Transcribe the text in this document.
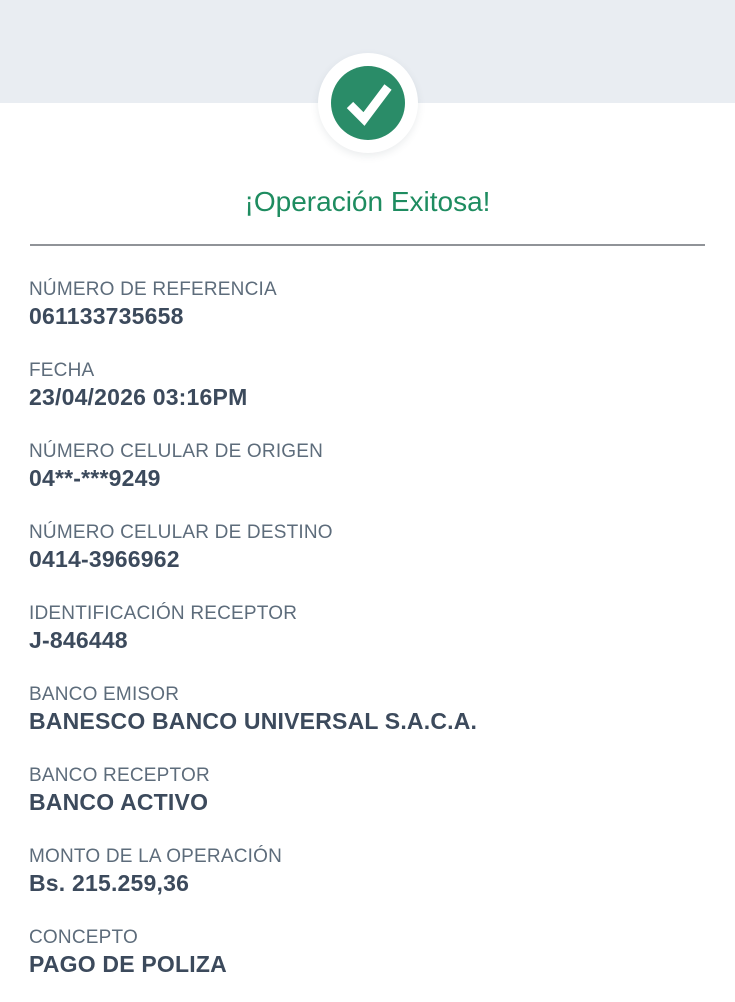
¡Operación Exitosa!
NÚMERO DE REFERENCIA
061133735658
FECHA
23/04/2026 03:16PM
NÚMERO CELULAR DE ORIGEN
04**-***9249
NÚMERO CELULAR DE DESTINO
0414-3966962
IDENTIFICACIÓN RECEPTOR
J-846448
BANCO EMISOR
BANESCO BANCO UNIVERSAL S.A.C.A.
BANCO RECEPTOR
BANCO ACTIVO
MONTO DE LA OPERACIÓN
Bs. 215.259,36
CONCEPTO
PAGO DE POLIZA
